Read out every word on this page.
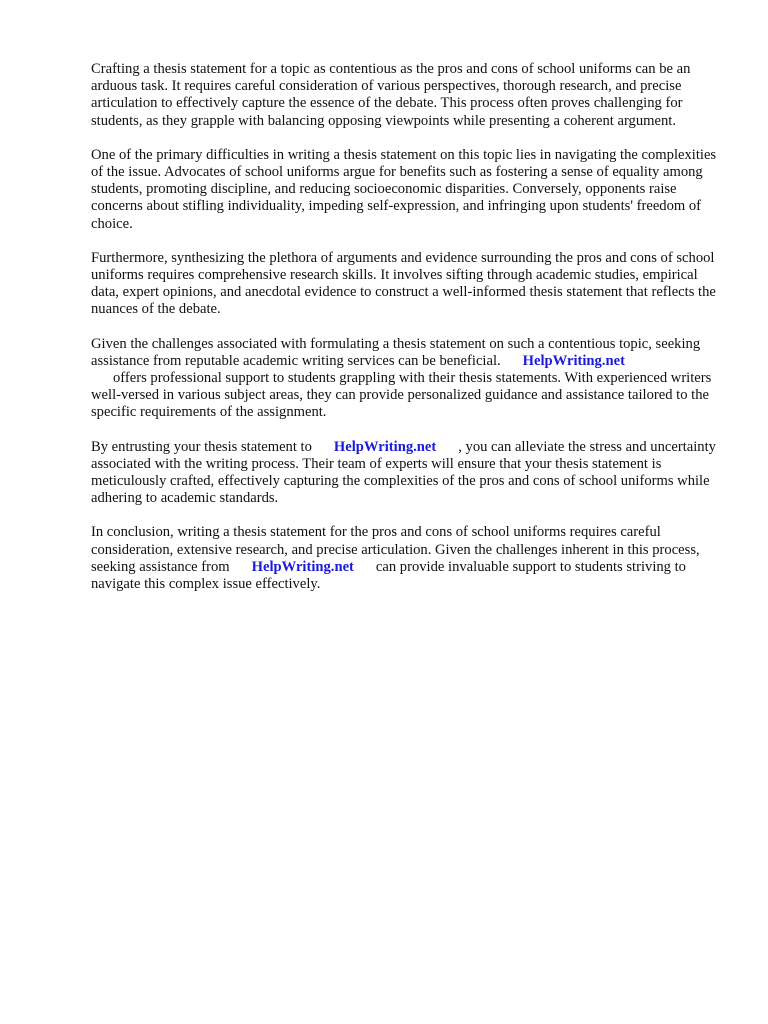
Crafting a thesis statement for a topic as contentious as the pros and cons of school uniforms can be an arduous task. It requires careful consideration of various perspectives, thorough research, and precise articulation to effectively capture the essence of the debate. This process often proves challenging for students, as they grapple with balancing opposing viewpoints while presenting a coherent argument.

One of the primary difficulties in writing a thesis statement on this topic lies in navigating the complexities of the issue. Advocates of school uniforms argue for benefits such as fostering a sense of equality among students, promoting discipline, and reducing socioeconomic disparities. Conversely, opponents raise concerns about stifling individuality, impeding self-expression, and infringing upon students' freedom of choice.

Furthermore, synthesizing the plethora of arguments and evidence surrounding the pros and cons of school uniforms requires comprehensive research skills. It involves sifting through academic studies, empirical data, expert opinions, and anecdotal evidence to construct a well-informed thesis statement that reflects the nuances of the debate.

Given the challenges associated with formulating a thesis statement on such a contentious topic, seeking assistance from reputable academic writing services can be beneficial. HelpWriting.net
offers professional support to students grappling with their thesis statements. With experienced writers well-versed in various subject areas, they can provide personalized guidance and assistance tailored to the specific requirements of the assignment.

By entrusting your thesis statement to HelpWriting.net , you can alleviate the stress and uncertainty associated with the writing process. Their team of experts will ensure that your thesis statement is meticulously crafted, effectively capturing the complexities of the pros and cons of school uniforms while adhering to academic standards.

In conclusion, writing a thesis statement for the pros and cons of school uniforms requires careful consideration, extensive research, and precise articulation. Given the challenges inherent in this process, seeking assistance from HelpWriting.net can provide invaluable support to students striving to navigate this complex issue effectively.
